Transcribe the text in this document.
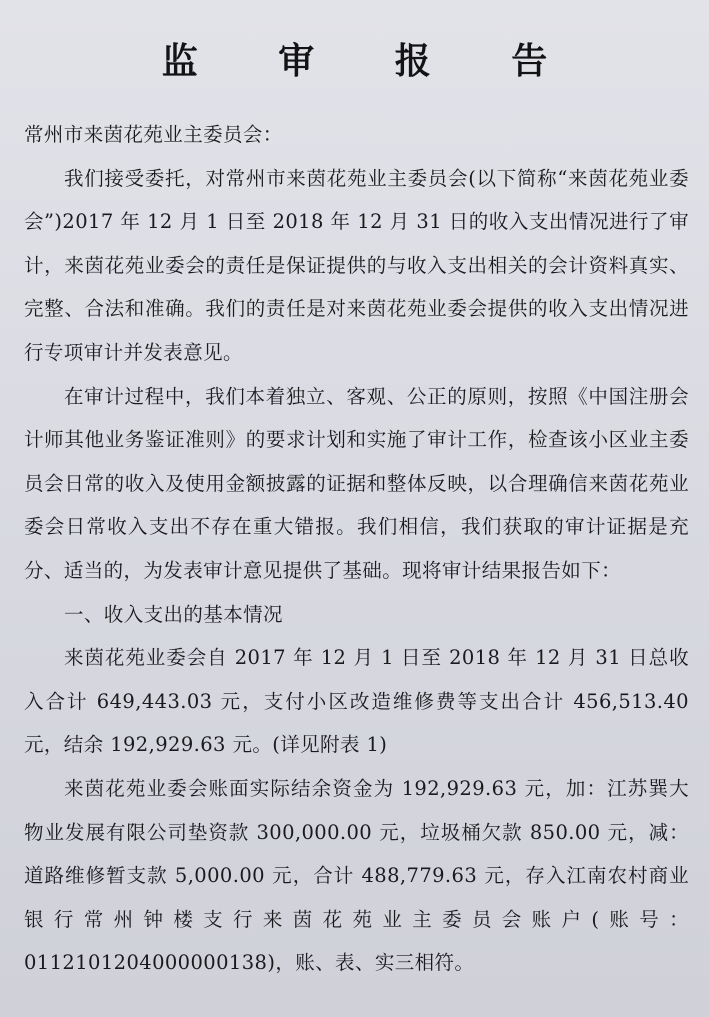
监 审 报 告

常州市来茵花苑业主委员会：

我们接受委托，对常州市来茵花苑业主委员会(以下简称“来茵花苑业委会”)2017 年 12 月 1 日至 2018 年 12 月 31 日的收入支出情况进行了审计，来茵花苑业委会的责任是保证提供的与收入支出相关的会计资料真实、完整、合法和准确。我们的责任是对来茵花苑业委会提供的收入支出情况进行专项审计并发表意见。

在审计过程中，我们本着独立、客观、公正的原则，按照《中国注册会计师其他业务鉴证准则》的要求计划和实施了审计工作，检查该小区业主委员会日常的收入及使用金额披露的证据和整体反映，以合理确信来茵花苑业委会日常收入支出不存在重大错报。我们相信，我们获取的审计证据是充分、适当的，为发表审计意见提供了基础。现将审计结果报告如下：

一、收入支出的基本情况

来茵花苑业委会自 2017 年 12 月 1 日至 2018 年 12 月 31 日总收入合计 649,443.03 元，支付小区改造维修费等支出合计 456,513.40 元，结余 192,929.63 元。(详见附表 1)

来茵花苑业委会账面实际结余资金为 192,929.63 元，加：江苏巽大物业发展有限公司垫资款 300,000.00 元，垃圾桶欠款 850.00 元，减：道路维修暂支款 5,000.00 元，合计 488,779.63 元，存入江南农村商业银行常州钟楼支行来茵花苑业主委员会账户(账号：0112101204000000138)，账、表、实三相符。
